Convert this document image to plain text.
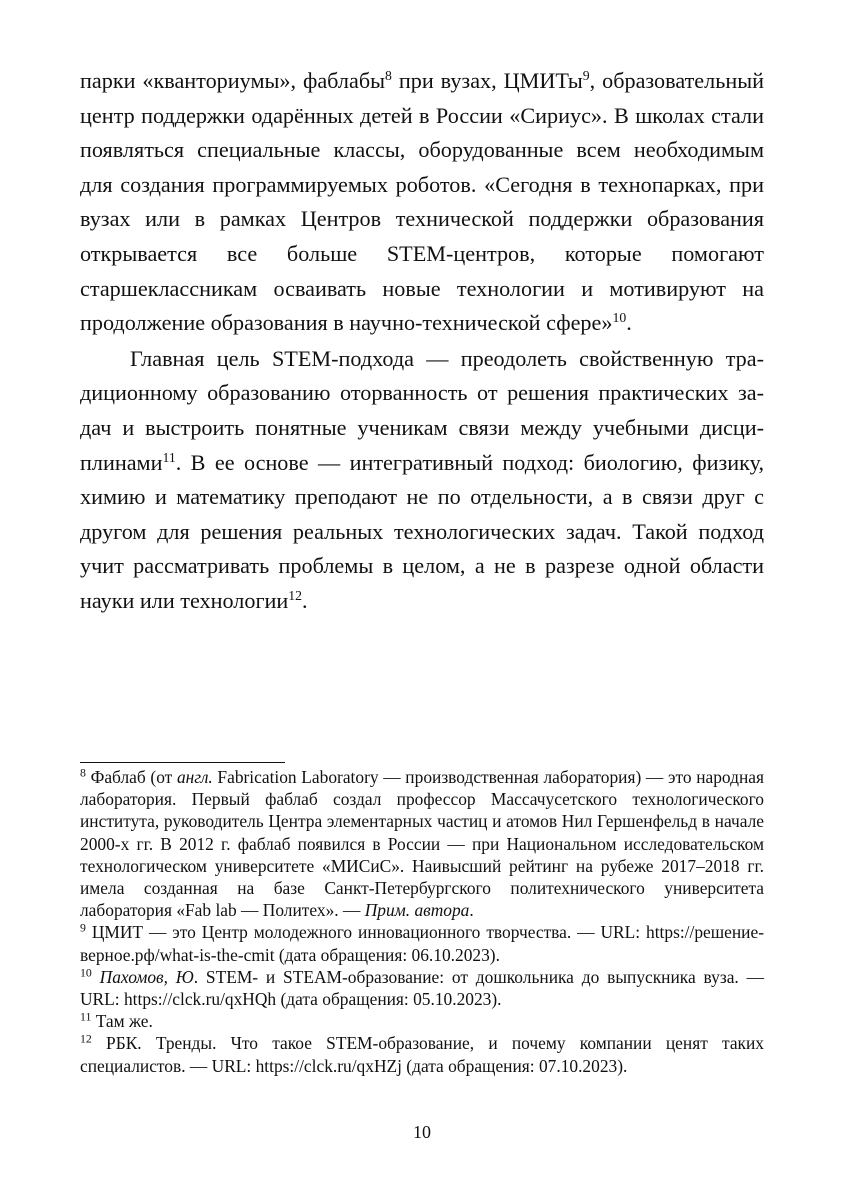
парки «кванториумы», фаблабы$^8$ при вузах, ЦМИТы$^9$, образовательный центр поддержки одарённых детей в России «Сириус». В школах стали появляться специальные классы, оборудованные всем необходимым для создания программируемых роботов. «Сегодня в технопарках, при вузах или в рамках Центров технической поддержки образования открывается все больше STEM-центров, которые помогают старшеклассникам осваивать новые технологии и мотивируют на продолжение образования в научно-технической сфере»$^{10}$.

Главная цель STEM-подхода — преодолеть свойственную традиционному образованию оторванность от решения практических задач и выстроить понятные ученикам связи между учебными дисциплинами$^{11}$. В ее основе — интегративный подход: биологию, физику, химию и математику преподают не по отдельности, а в связи друг с другом для решения реальных технологических задач. Такой подход учит рассматривать проблемы в целом, а не в разрезе одной области науки или технологии$^{12}$.

$^8$ Фаблаб (от англ. Fabrication Laboratory — производственная лаборатория) — это народная лаборатория. Первый фаблаб создал профессор Массачусетского технологического института, руководитель Центра элементарных частиц и атомов Нил Гершенфельд в начале 2000-х гг. В 2012 г. фаблаб появился в России — при Национальном исследовательском технологическом университете «МИСиС». Наивысший рейтинг на рубеже 2017–2018 гг. имела созданная на базе Санкт-Петербургского политехнического университета лаборатория «Fab lab — Политех». — Прим. автора.

$^9$ ЦМИТ — это Центр молодежного инновационного творчества. — URL: https://решение-верное.рф/what-is-the-cmit (дата обращения: 06.10.2023).

$^{10}$ Пахомов, Ю. STEM- и STEAM-образование: от дошкольника до выпускника вуза. — URL: https://clck.ru/qxHQh (дата обращения: 05.10.2023).

$^{11}$ Там же.

$^{12}$ РБК. Тренды. Что такое STEM-образование, и почему компании ценят таких специалистов. — URL: https://clck.ru/qxHZj (дата обращения: 07.10.2023).

10
